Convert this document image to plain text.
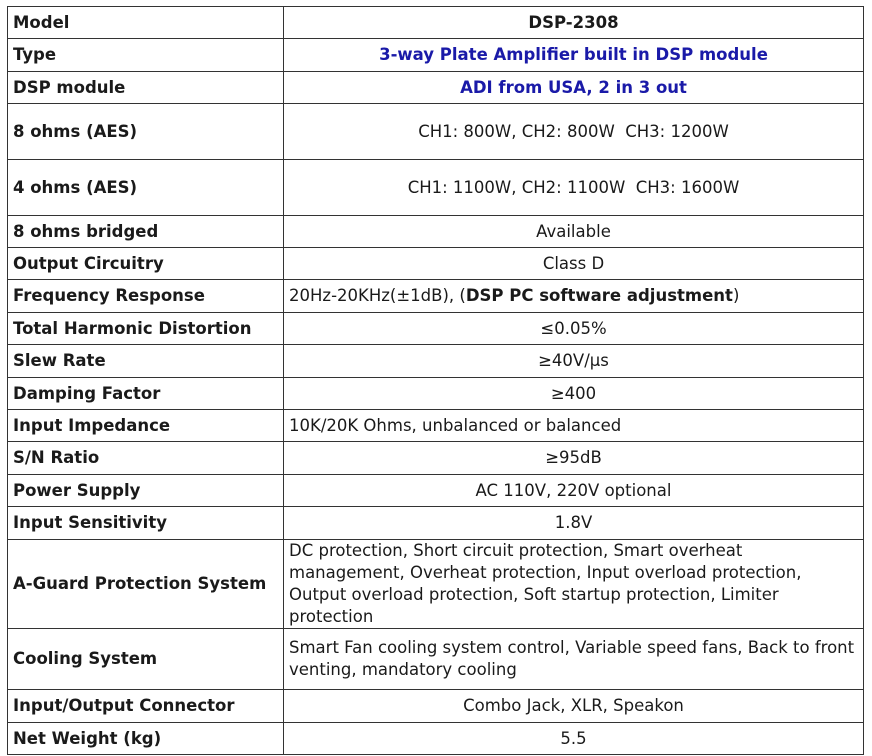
Model	DSP-2308
Type	3-way Plate Amplifier built in DSP module
DSP module	ADI from USA, 2 in 3 out
8 ohms (AES)	CH1: 800W, CH2: 800W  CH3: 1200W
4 ohms (AES)	CH1: 1100W, CH2: 1100W  CH3: 1600W
8 ohms bridged	Available
Output Circuitry	Class D
Frequency Response	20Hz-20KHz(±1dB), (DSP PC software adjustment)
Total Harmonic Distortion	≤0.05%
Slew Rate	≥40V/μs
Damping Factor	≥400
Input Impedance	10K/20K Ohms, unbalanced or balanced
S/N Ratio	≥95dB
Power Supply	AC 110V, 220V optional
Input Sensitivity	1.8V
A-Guard Protection System	DC protection, Short circuit protection, Smart overheat management, Overheat protection, Input overload protection, Output overload protection, Soft startup protection, Limiter protection
Cooling System	Smart Fan cooling system control, Variable speed fans, Back to front venting, mandatory cooling
Input/Output Connector	Combo Jack, XLR, Speakon
Net Weight (kg)	5.5
